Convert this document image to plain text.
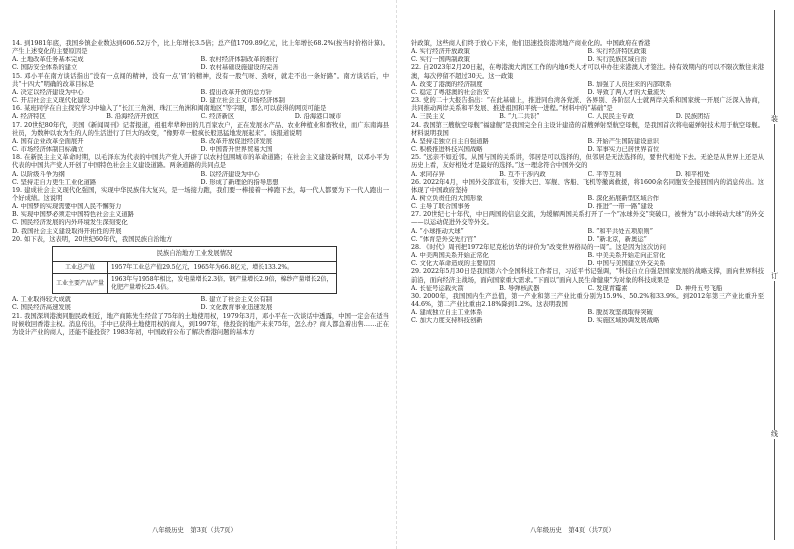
14. 到1981年底，我国乡镇企业数达到606.52万个，比上年增长3.5倍；总产值1709.89亿元，比上年增长68.2%(按当时价格计算)。产生上述变化的主要原因是

A. 土地改革任务基本完成	B. 农村经济体制改革的推行
C. 国防安全体系的建立	D. 农村基础设施建设的完善

15. 邓小平在南方谈话指出“没有一点闯的精神，没有一点‘冒’的精神，没有一股气呀、劲呀，就走不出一条好路”。南方谈话后，中共“十四大”明确的改革目标是

A. 决定以经济建设为中心	B. 提出改革开放的总方针
C. 开启社会主义现代化建设	D. 建立社会主义市场经济体制

16. 某班同学在自主探究学习中输入了“长江三角洲、珠江三角洲和闽南地区”等字眼，那么可以获得的网页可能是

A. 经济特区	B. 沿海经济开放区	C. 经济新区	D. 沿海港口城市

17. 20世纪80年代，美国《新闻周刊》记者报道，祖祖辈辈种田的几百家农户，正在发展水产品、农业种植业和畜牧业，而广东南海县社员，为数种以农为生的人的生活进行了巨大的改变，“像野草一般疯长般迅猛地发展起来”。该报道说明

A. 国有企业改革全面展开	B. 改革开放促进经济发展
C. 市场经济体制目标确立	D. 中国晋升世界贸易大国

18. 在新民主主义革命时期，以毛泽东为代表的中国共产党人开辟了以农村包围城市的革命道路；在社会主义建设新时期，以邓小平为代表的中国共产党人开创了中国特色社会主义建设道路。两条道路的共同点是

A. 以阶级斗争为纲	B. 以经济建设为中心
C. 坚持走自力更生工业化道路	D. 形成了新理论的指导思想

19. 建成社会主义现代化强国，实现中华民族伟大复兴，是一场接力跑，我们要一棒接着一棒跑下去，每一代人都要为下一代人跑出一个好成绩。这说明

A. 中国梦的实现需要中国人民不懈努力
B. 实现中国梦必须走中国特色社会主义道路
C. 国民经济发展的内外环境发生深刻变化
D. 我国社会主义建设取得开拓性的开展

20. 如下表，这表明，20世纪60年代，我国民族自治地方

民族自治地方工业发展情况	
工业总产值	1957年工业总产值29.5亿元，1965年为66.8亿元，增长133.2%。
工业主要产品产量	1963年与1958年相比，发电量增长2.3倍，钢产量增长2.9倍，棉纱产量增长2倍，化肥产量增长25.4倍。
A. 工业取得较大成就	B. 建立了社会主义公有制
C. 国民经济高速发展	D. 文化教育事业迅速发展

21. 我国深圳港澳同胞民政相近，地产商陈先生经营了75年的土地使用权，1979年3月，邓小平在一次谈话中透露，中国一定会在适当时候收回香港主权。消息传出，手中已获得土地使用权的商人，到1997年，他投资的地产未来75年，怎么办？商人都急着出售……正在为设计产业的商人，还能不能投资？1983年初，中国政府公布了解决香港问题的基本方

针政策，这些商人们终于放心下来，他们迅速投资港湾地产商业化的。中国政府在香港

A. 实行经济开放政策	B. 实行经济特区政策
C. 实行一国两制政策	D. 实行民族区域自治

22. 自2023年2月20日起，在粤港澳大湾区工作的内地6类人才可以申办往来港澳人才签注。持有效期内的可以不限次数往来港澳，每次停留不超过30天。这一政策

A. 改变了港澳的经济制度	B. 加强了人员往来的内部联系
C. 稳定了粤港澳的社会治安	D. 导致了两人才的大量流失

23. 党的二十大报告指出：“在此基础上，推进同台湾各党派、各界别、各阶层人士就两岸关系和国家统一开展广泛深入协商，共同推动两岸关系和平发展、推进祖国和平统一进程。”材料中的“基础”是

A. 三民主义	B. “九二共识”	C. 人民民主专政	D. 民族团结

24. 我国第三艘航空母舰“福建舰”是我国完全自主设计建造的首艘弹射型航空母舰，是我国首次将电磁弹射技术用于航空母舰。材料说明我国

A. 坚持走独立自主自强道路	B. 开始产生国防建设意识
C. 积极推进科技兴国战略	D. 军事实力已居世界首位

25. “远亲不如近邻。从国与国的关系讲，邻居是可以选择的，但邻居是无法选择的，要世代相处下去。无论是从世界上还是从历史上看，友好相处才是最好的选择。”这一理念符合中国外交的

A. 求同存异	B. 互不干涉内政	C. 平等互利	D. 和平相处

26. 2022年4月，中国外交部宣布，安排大巴、军舰、客船、飞机等撤离救援，将1600余名同胞安全接回国内的消息传出。这体现了中国政府坚持

A. 树立负责任的大国形象	B. 深化拓展新型区域合作
C. 主导了联合国事务	D. 推进“一带一路”建设

27. 20世纪七十年代，中日两国的信息交流，为缓解两国关系打开了一个“冰球外交”突破口，被誉为“以小球转动大球”的外交——以运动促进外交等外交。

A. “小球推动大球”	B. “和平共处五项原则”
C. “体育是外交先行官”	D. “新北京，新奥运”

28. 《时代》周刊把1972年尼克松访华的评价为“改变世界格局的一周”。这是因为这次访问

A. 中美两国关系开始正常化	B. 中美关系开始走向正常化
C. 文化大革命造成的主要原因	D. 中国与美国建立外交关系

29. 2022年5月30日是我国第六个全国科技工作者日，习近平书记强调，“科技自立自强是国家发展的战略支撑，面向世界科技前沿，面向经济主战场，面向国家重大需求。”下面以“面向人民生命健康”为对象的科技成果是

A. 长征号运载火箭	B. 导弹核武器	C. 发现青霉素	D. 神舟五号飞船

30. 2000年，我国国内生产总值，第一产业和第三产业比重分别为15.9%、50.2%和33.9%。到2012年第三产业比重升至44.6%，第二产业比重由2.18%降到1.2%。这表明我国

A. 建成独立自主工业体系	B. 脱贫攻坚战取得突破
C. 加大力度支持科技创新	D. 实施区域协调发展战略
八年级历史　第3页（共7页）	八年级历史　第4页（共7页）
装
订
线
